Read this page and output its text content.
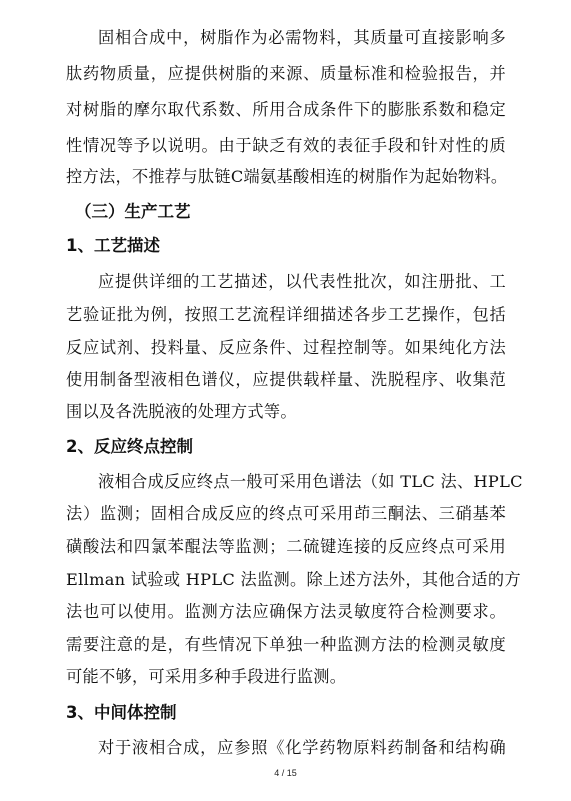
固相合成中，树脂作为必需物料，其质量可直接影响多
肽药物质量，应提供树脂的来源、质量标准和检验报告，并
对树脂的摩尔取代系数、所用合成条件下的膨胀系数和稳定
性情况等予以说明。由于缺乏有效的表征手段和针对性的质
控方法，不推荐与肽链C端氨基酸相连的树脂作为起始物料。
（三）生产工艺
1、工艺描述
应提供详细的工艺描述，以代表性批次，如注册批、工
艺验证批为例，按照工艺流程详细描述各步工艺操作，包括
反应试剂、投料量、反应条件、过程控制等。如果纯化方法
使用制备型液相色谱仪，应提供载样量、洗脱程序、收集范
围以及各洗脱液的处理方式等。
2、反应终点控制
液相合成反应终点一般可采用色谱法（如 TLC 法、HPLC
法）监测；固相合成反应的终点可采用茚三酮法、三硝基苯
磺酸法和四氯苯醌法等监测；二硫键连接的反应终点可采用
Ellman 试验或 HPLC 法监测。除上述方法外，其他合适的方
法也可以使用。监测方法应确保方法灵敏度符合检测要求。
需要注意的是，有些情况下单独一种监测方法的检测灵敏度
可能不够，可采用多种手段进行监测。
3、中间体控制
对于液相合成，应参照《化学药物原料药制备和结构确
4 / 15
